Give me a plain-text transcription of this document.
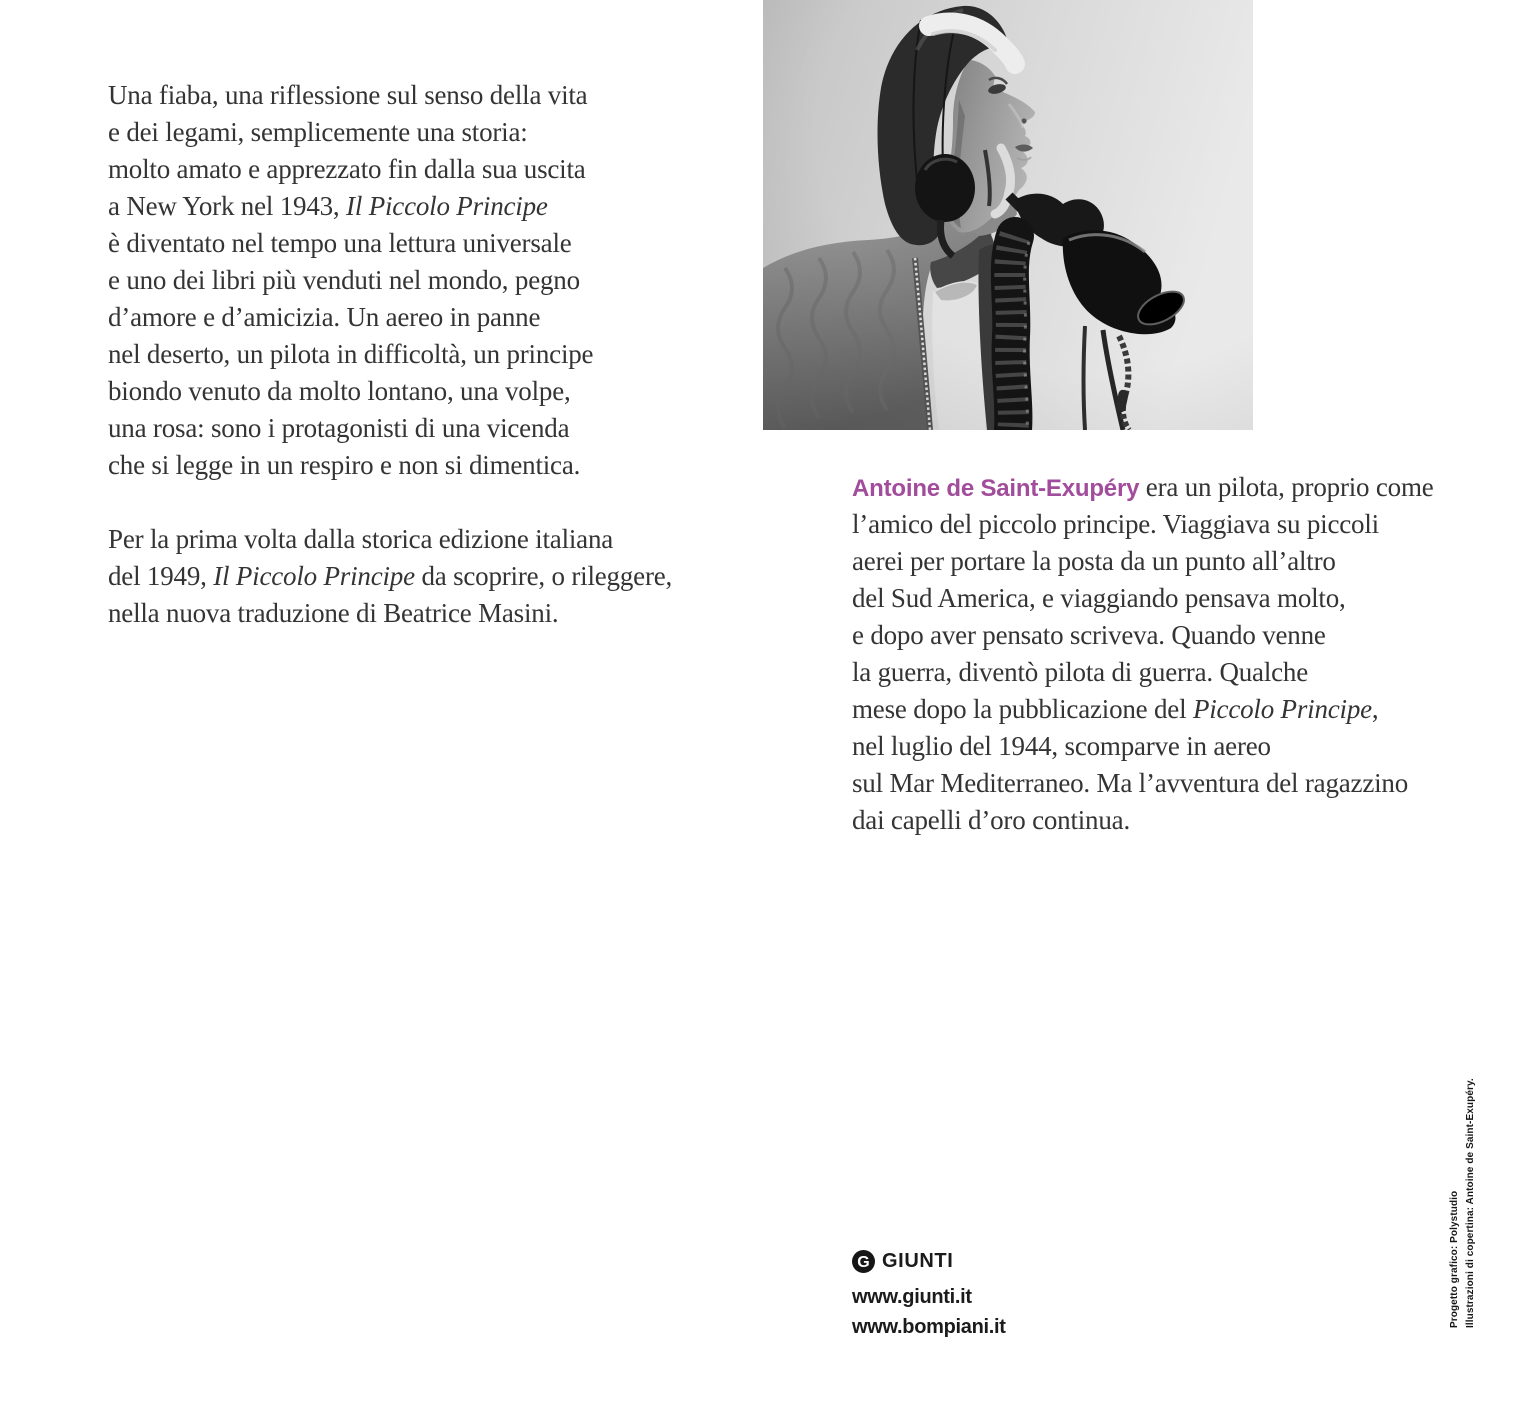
Una fiaba, una riflessione sul senso della vita
e dei legami, semplicemente una storia:
molto amato e apprezzato fin dalla sua uscita
a New York nel 1943, Il Piccolo Principe
è diventato nel tempo una lettura universale
e uno dei libri più venduti nel mondo, pegno
d’amore e d’amicizia. Un aereo in panne
nel deserto, un pilota in difficoltà, un principe
biondo venuto da molto lontano, una volpe,
una rosa: sono i protagonisti di una vicenda
che si legge in un respiro e non si dimentica.
Per la prima volta dalla storica edizione italiana
del 1949, Il Piccolo Principe da scoprire, o rileggere,
nella nuova traduzione di Beatrice Masini.
Antoine de Saint-Exupéry era un pilota, proprio come
l’amico del piccolo principe. Viaggiava su piccoli
aerei per portare la posta da un punto all’altro
del Sud America, e viaggiando pensava molto,
e dopo aver pensato scriveva. Quando venne
la guerra, diventò pilota di guerra. Qualche
mese dopo la pubblicazione del Piccolo Principe,
nel luglio del 1944, scomparve in aereo
sul Mar Mediterraneo. Ma l’avventura del ragazzino
dai capelli d’oro continua.
G GIUNTI
www.giunti.it
www.bompiani.it	Illustrazioni di copertina: Antoine de Saint-Exupéry.
Progetto grafico: Polystudio
